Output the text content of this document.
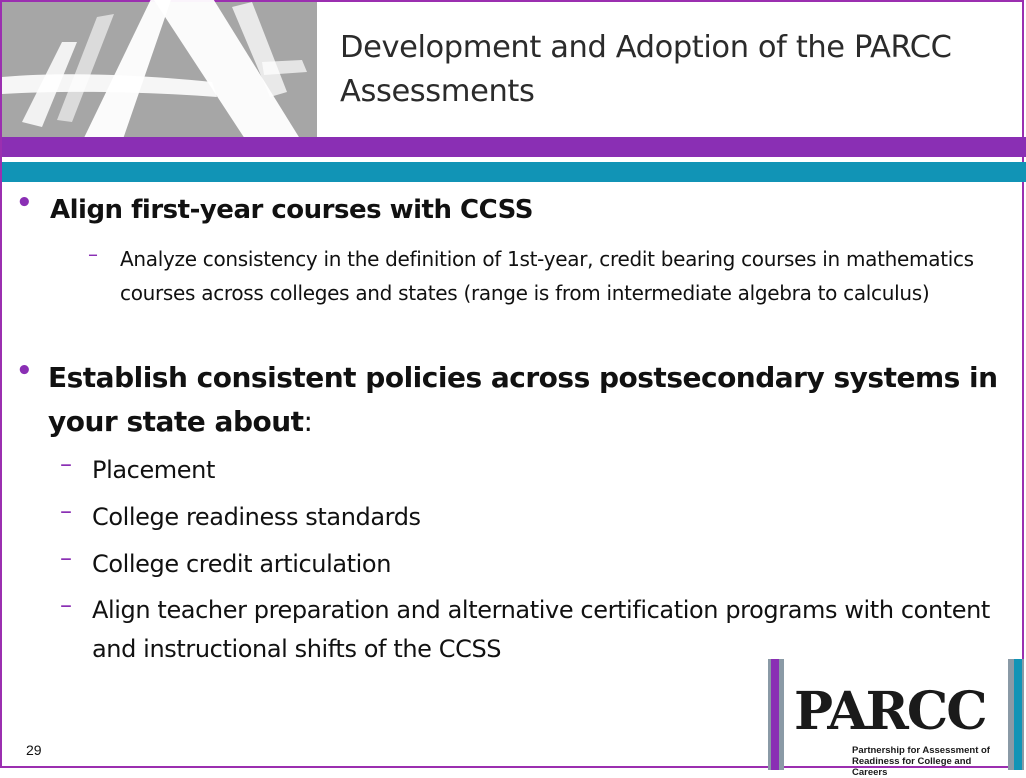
Development and Adoption of the PARCC Assessments
• Align first-year courses with CCSS
– Analyze consistency in the definition of 1st-year, credit bearing courses in mathematics courses across colleges and states (range is from intermediate algebra to calculus)
• Establish consistent policies across postsecondary systems in your state about:
– Placement
– College readiness standards
– College credit articulation
– Align teacher preparation and alternative certification programs with content and instructional shifts of the CCSS
PARCC
Partnership for Assessment of Readiness for College and Careers
29
